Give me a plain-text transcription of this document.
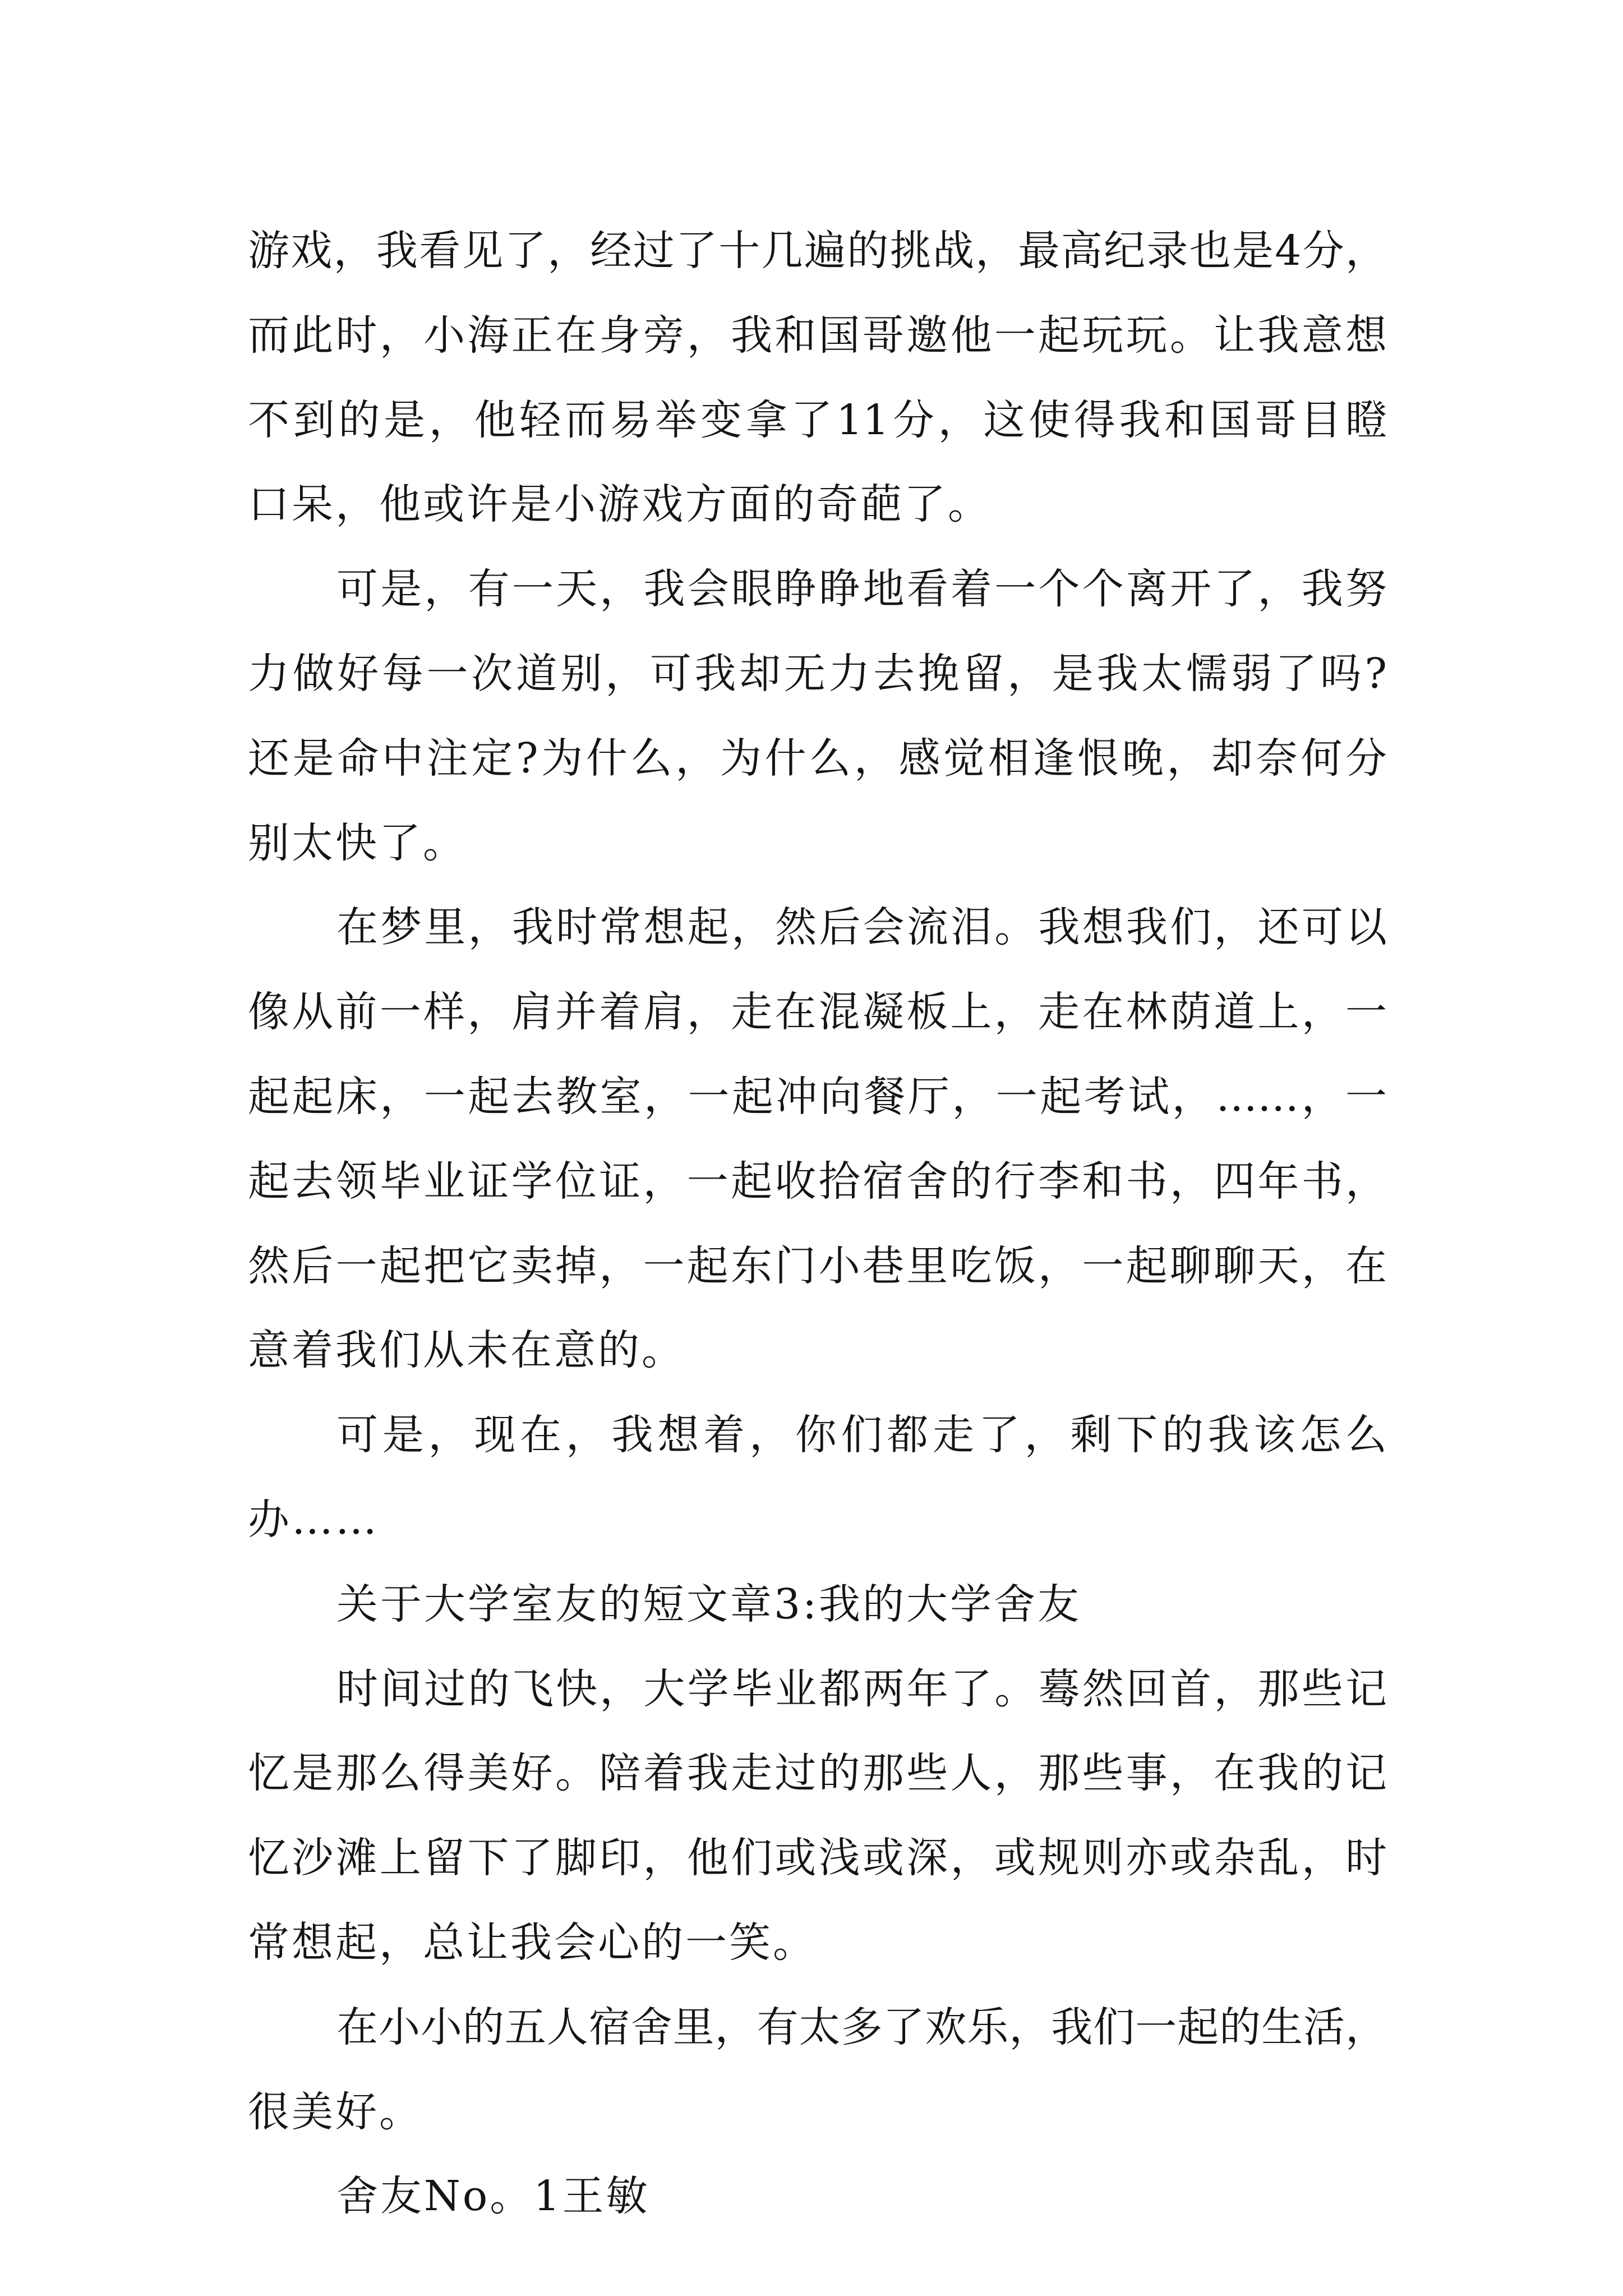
游戏，我看见了，经过了十几遍的挑战，最高纪录也是4分，
而此时，小海正在身旁，我和国哥邀他一起玩玩。让我意想
不到的是，他轻而易举变拿了11分，这使得我和国哥目瞪
口呆，他或许是小游戏方面的奇葩了。
可是，有一天，我会眼睁睁地看着一个个离开了，我努
力做好每一次道别，可我却无力去挽留，是我太懦弱了吗?
还是命中注定?为什么，为什么，感觉相逢恨晚，却奈何分
别太快了。
在梦里，我时常想起，然后会流泪。我想我们，还可以
像从前一样，肩并着肩，走在混凝板上，走在林荫道上，一
起起床，一起去教室，一起冲向餐厅，一起考试，……，一
起去领毕业证学位证，一起收拾宿舍的行李和书，四年书，
然后一起把它卖掉，一起东门小巷里吃饭，一起聊聊天，在
意着我们从未在意的。
可是，现在，我想着，你们都走了，剩下的我该怎么
办……
关于大学室友的短文章3:我的大学舍友
时间过的飞快，大学毕业都两年了。蓦然回首，那些记
忆是那么得美好。陪着我走过的那些人，那些事，在我的记
忆沙滩上留下了脚印，他们或浅或深，或规则亦或杂乱，时
常想起，总让我会心的一笑。
在小小的五人宿舍里，有太多了欢乐，我们一起的生活，
很美好。
舍友No。1王敏
